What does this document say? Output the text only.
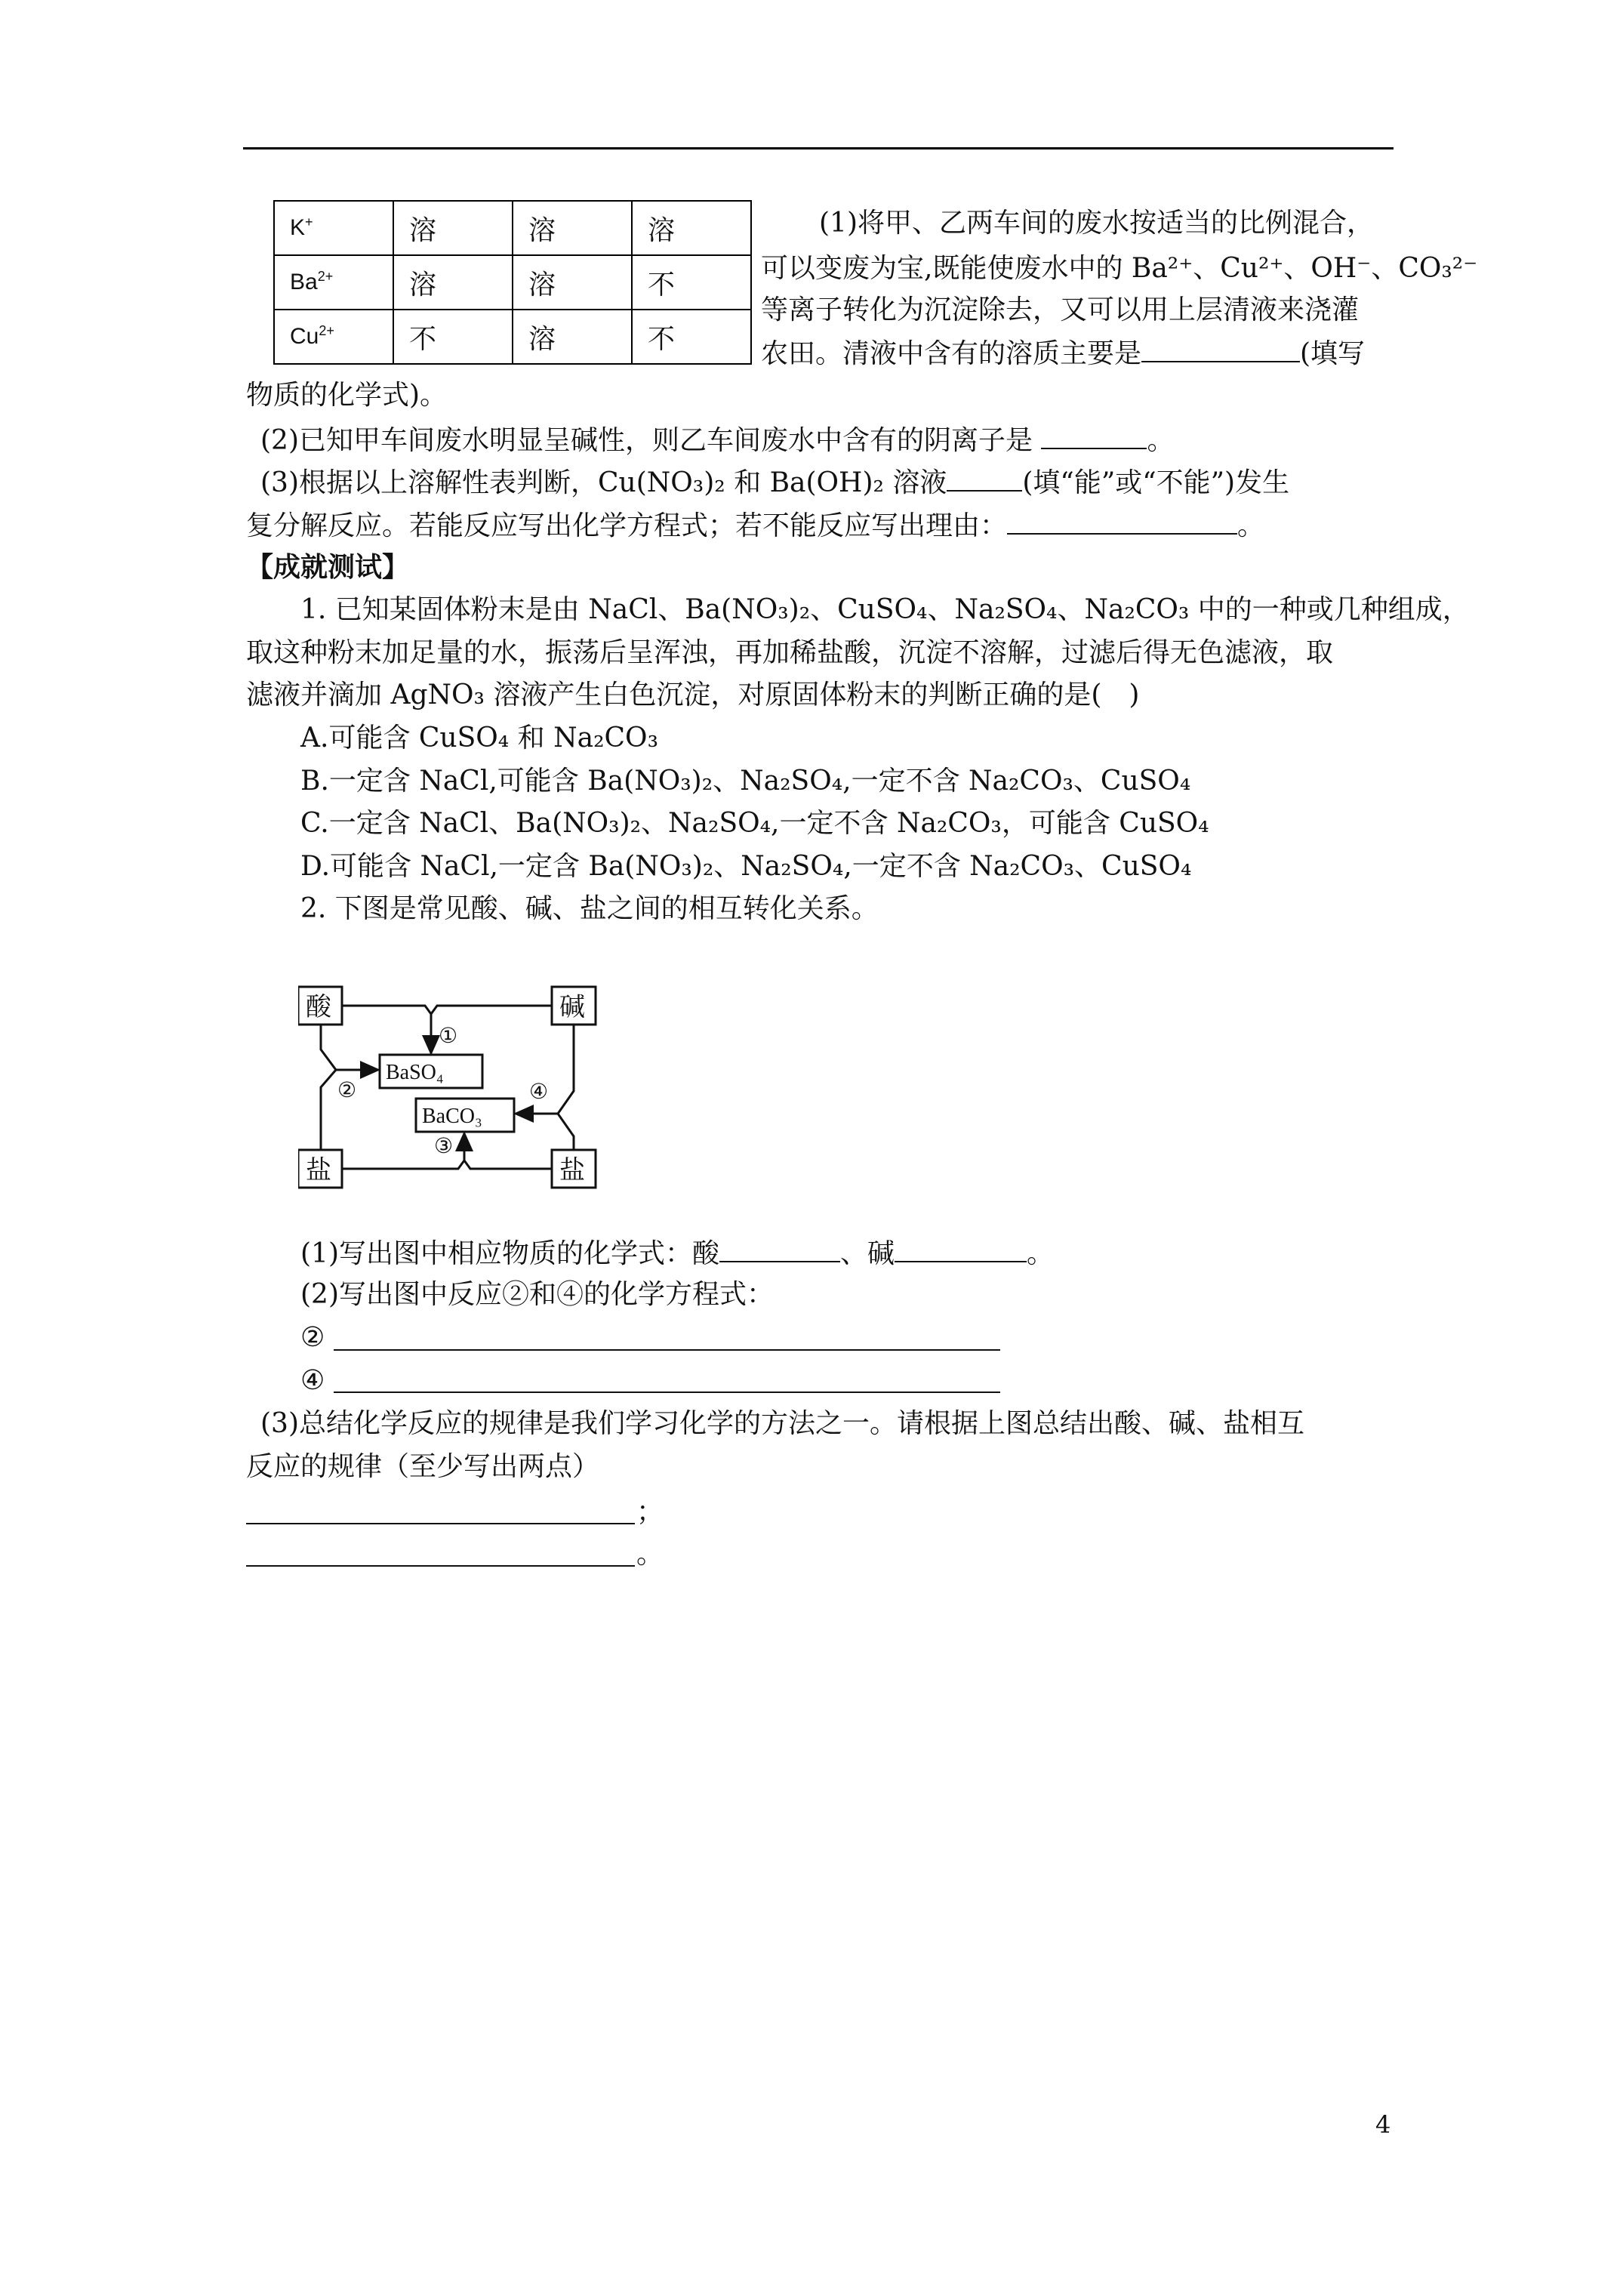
K+	溶	溶	溶
$Ba^{2+}$	溶	溶	不
$Cu^{2+}$	不	溶	不
(1)将甲、乙两车间的废水按适当的比例混合，
可以变废为宝,既能使废水中的 Ba²⁺、Cu²⁺、OH⁻、CO₃²⁻
等离子转化为沉淀除去，又可以用上层清液来浇灌
农田。清液中含有的溶质主要是	(填写
物质的化学式)。
(2)已知甲车间废水明显呈碱性，则乙车间废水中含有的阴离子是	。
(3)根据以上溶解性表判断，Cu(NO₃)₂ 和 Ba(OH)₂ 溶液	(填“能”或“不能”)发生
复分解反应。若能反应写出化学方程式；若不能反应写出理由：	。
【成就测试】
1. 已知某固体粉末是由 NaCl、Ba(NO₃)₂、CuSO₄、Na₂SO₄、Na₂CO₃ 中的一种或几种组成，
取这种粉末加足量的水，振荡后呈浑浊，再加稀盐酸，沉淀不溶解，过滤后得无色滤液，取
滤液并滴加 AgNO₃ 溶液产生白色沉淀，对原固体粉末的判断正确的是(　)
A.可能含 CuSO₄ 和 Na₂CO₃
B.一定含 NaCl,可能含 Ba(NO₃)₂、Na₂SO₄,一定不含 Na₂CO₃、CuSO₄
C.一定含 NaCl、Ba(NO₃)₂、Na₂SO₄,一定不含 Na₂CO₃，可能含 CuSO₄
D.可能含 NaCl,一定含 Ba(NO₃)₂、Na₂SO₄,一定不含 Na₂CO₃、CuSO₄
2. 下图是常见酸、碱、盐之间的相互转化关系。
酸	碱
盐	盐
BaSO₄
BaCO₃
①
②
③
④
(1)写出图中相应物质的化学式：酸	、碱	。
(2)写出图中反应②和④的化学方程式：
②
④
(3)总结化学反应的规律是我们学习化学的方法之一。请根据上图总结出酸、碱、盐相互
反应的规律（至少写出两点）
；
。
4
